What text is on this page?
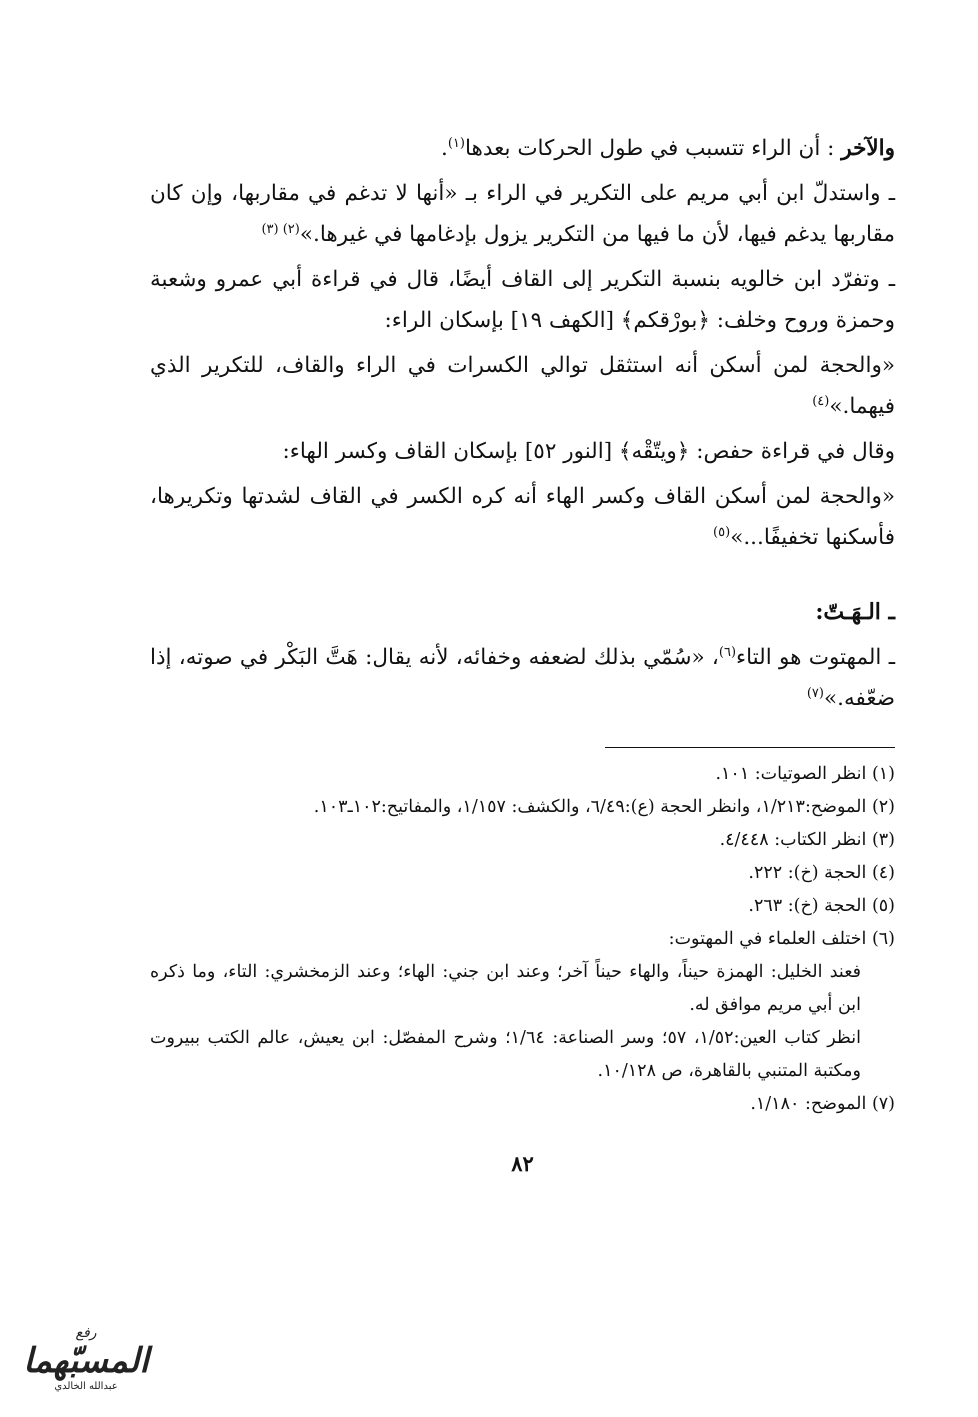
والآخر : أن الراء تتسبب في طول الحركات بعدها$^{(١)}$.

ـ واستدلّ ابن أبي مريم على التكرير في الراء بـ «أنها لا تدغم في مقاربها، وإن كان مقاربها يدغم فيها، لأن ما فيها من التكرير يزول بإدغامها في غيرها.»$^{(٢) (٣)}$

ـ وتفرّد ابن خالويه بنسبة التكرير إلى القاف أيضًا، قال في قراءة أبي عمرو وشعبة وحمزة وروح وخلف: ﴿بورْقكم﴾ [الكهف ١٩] بإسكان الراء:

«والحجة لمن أسكن أنه استثقل توالي الكسرات في الراء والقاف، للتكرير الذي فيهما.»$^{(٤)}$

وقال في قراءة حفص: ﴿ويتّقْه﴾ [النور ٥٢] بإسكان القاف وكسر الهاء:

«والحجة لمن أسكن القاف وكسر الهاء أنه كره الكسر في القاف لشدتها وتكريرها، فأسكنها تخفيفًا...»$^{(٥)}$

ـ الـهَـتّ:

ـ المهتوت هو التاء$^{(٦)}$، «سُمّي بذلك لضعفه وخفائه، لأنه يقال: هَتَّ البَكْر في صوته، إذا ضعّفه.»$^{(٧)}$

(١) انظر الصوتيات: ١٠١.

(٢) الموضح:١/٢١٣، وانظر الحجة (ع):٦/٤٩، والكشف: ١/١٥٧، والمفاتيح:١٠٢ـ١٠٣.

(٣) انظر الكتاب: ٤/٤٤٨.

(٤) الحجة (خ): ٢٢٢.

(٥) الحجة (خ): ٢٦٣.

(٦) اختلف العلماء في المهتوت:

فعند الخليل: الهمزة حيناً، والهاء حيناً آخر؛ وعند ابن جني: الهاء؛ وعند الزمخشري: التاء، وما ذكره ابن أبي مريم موافق له.

انظر كتاب العين:١/٥٢، ٥٧؛ وسر الصناعة: ١/٦٤؛ وشرح المفصّل: ابن يعيش، عالم الكتب ببيروت ومكتبة المتنبي بالقاهرة، ص ١٠/١٢٨.

(٧) الموضح: ١/١٨٠.

٨٢
رفع
المسبّهما
عبدالله الخالدي
